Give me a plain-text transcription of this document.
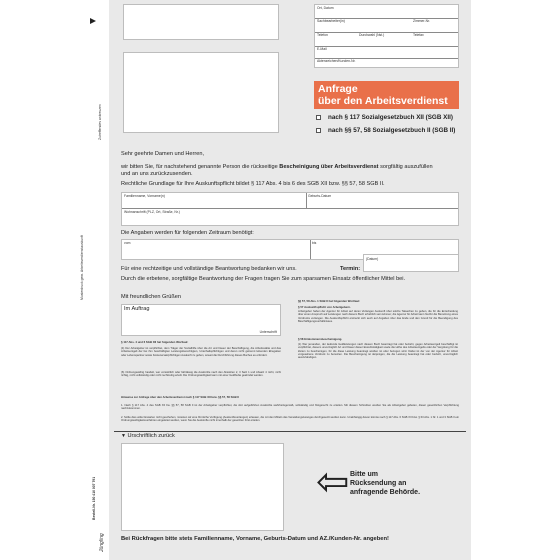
Zutreffendes ankreuzen
Musterdruck gem. Arbeitsverdienstauskunft
Bestell-Nr. 150 410 007 791
Jüngling
Ort, Datum
Sachbearbeiter(in)	Zimmer-Nr.
Telefon	Durchwahl (Nst.)	Telefax
E-Mail
Aktenzeichen/Kunden-Nr.
Anfrage
über den Arbeitsverdienst
nach § 117 Sozialgesetzbuch XII (SGB XII)
nach §§ 57, 58 Sozialgesetzbuch II (SGB II)
Sehr geehrte Damen und Herren,
wir bitten Sie, für nachstehend genannte Person die rückseitige Bescheinigung über Arbeitsverdienst sorgfältig auszufüllen
und an uns zurückzusenden.
Rechtliche Grundlage für Ihre Auskunftspflicht bildet § 117 Abs. 4 bis 6 des SGB XII bzw. §§ 57, 58 SGB II.
Familienname, Vorname(n)	Geburts-Datum
Wohnanschrift (PLZ, Ort, Straße, Nr.)
Die Angaben werden für folgenden Zeitraum benötigt:
vom	bis
Für eine rechtzeitige und vollständige Beantwortung bedanken wir uns.	Termin:
(Datum)
Durch die erbetene, sorgfältige Beantwortung der Fragen tragen Sie zum sparsamen Einsatz öffentlicher Mittel bei.
Mit freundlichen Grüßen
Im Auftrag
Unterschrift
§ 117 Abs. 4 und 6 SGB XII hat folgenden Wortlaut:
(4) Der Arbeitgeber ist verpflichtet, dem Träger der Sozialhilfe über die Art und Dauer der Beschäftigung, die Arbeitsstätte und das Arbeitsentgelt der bei ihm beschäftigten Leistungsberechtigten, Unterhaltspflichtigen und deren nicht getrennt lebenden Ehegatten oder Lebenspartner sowie Kostenersatzpflichtigen Auskunft zu geben, soweit die Durchführung dieses Buches es erfordert.
(6) Ordnungswidrig handelt, wer vorsätzlich oder fahrlässig die Auskünfte nach den Absätzen 2, 3 Satz 1 und Absatz 4 nicht, nicht richtig, nicht vollständig oder nicht rechtzeitig erteilt. Die Ordnungswidrigkeit kann mit einer Geldbuße geahndet werden.
§§ 57, 58 Abs. 1 SGB II hat folgenden Wortlaut:
§ 57 Auskunftspflicht von Arbeitgebern.
Arbeitgeber haben der Agentur für Arbeit auf deren Verlangen Auskunft über solche Tatsachen zu geben, die für die Entscheidung über einen Anspruch auf Leistungen nach diesem Buch erheblich sein können; die Agentur für Arbeit kann hierfür die Benutzung eines Vordrucks verlangen. Die Auskunftspflicht erstreckt sich auch auf Angaben über das Ende und den Grund für die Beendigung des Beschäftigungsverhältnisses.
§ 58 Einkommensbescheinigung.
(1) Wer jemanden, der laufende Geldleistungen nach diesem Buch beantragt hat oder bezieht, gegen Arbeitsentgelt beschäftigt ist verpflichtet, diesem unverzüglich Art und Dauer dieser Erwerbstätigkeit sowie die Höhe des Arbeitsentgelts oder der Vergütung für die Zeiten zu bescheinigen, für die diese Leistung beantragt worden ist oder bezogen wird. Dabei ist der von der Agentur für Arbeit vorgesehene Vordruck zu benutzen. Die Bescheinigung ist derjenigen, die die Leistung beantragt hat oder bezieht, unverzüglich auszuhändigen.
Hinweise zur Anfrage über den Arbeitsverdienst nach § 117 SGB XII bzw. §§ 57, 58 SGB II
1. Nach § 117 Abs. 4 des SGB XII bw. §§ 57, 58 SGB II ist der Arbeitgeber verpflichtet, die dort aufgeführten Auskünfte wahrheitsgemäß, vollständig und fristgerecht zu erteilen. Mit diesem Schreiben werden Sie als Arbeitgeber gebeten, dieser gesetzlichen Verpflichtung nachzukommen.
2. Sollte dies wider Erwarten nicht geschehen, müssten wir eine förmliche Verfügung (Auskunftsverlangen) erlassen, die mit den Mitteln des Verwaltungszwanges durchgesetzt werden kann. Unabhängig davon könnte nach § 117 Abs. 6 SGB XII bzw. § 63 Abs. 1 Nr. 1 und 3 SGB II ein Ordnungswidrigkeitsverfahren eingeleitet werden, wenn Sie die Auskünfte nicht innerhalb der gesetzten Frist erteilen.
▼ Urschriftlich zurück
⇦ Bitte um
Rücksendung an
anfragende Behörde.
Bei Rückfragen bitte stets Familienname, Vorname, Geburts-Datum und AZ./Kunden-Nr. angeben!
